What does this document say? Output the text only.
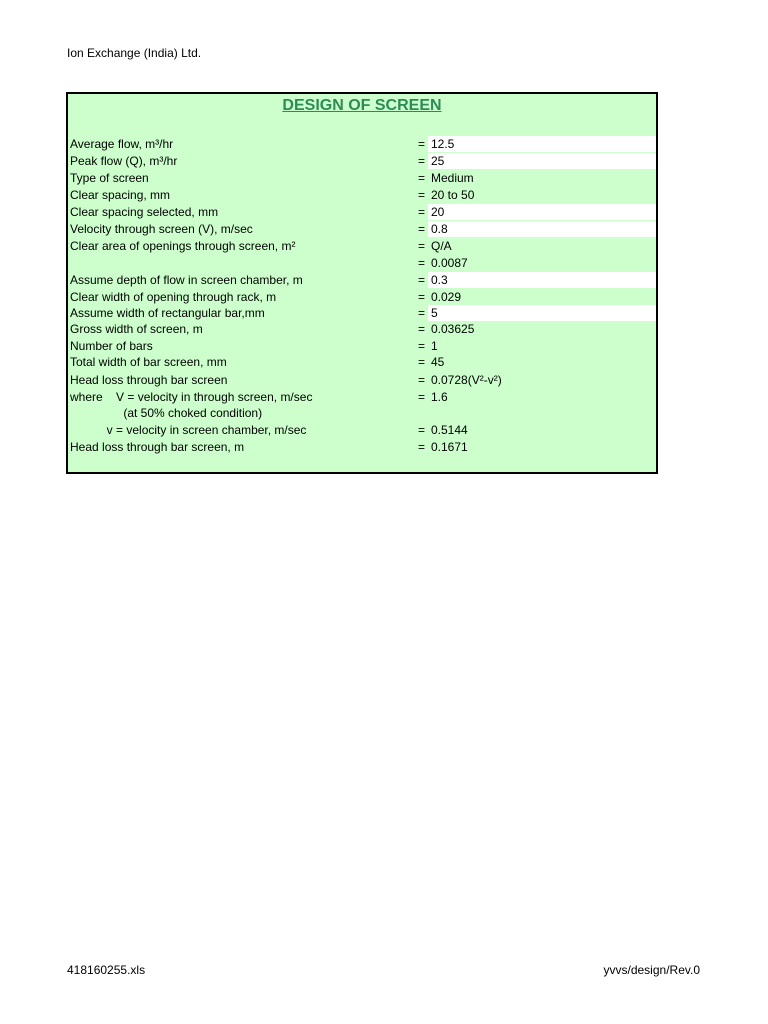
Ion Exchange (India) Ltd.
DESIGN OF SCREEN
Average flow, m³/hr	= 12.5
Peak flow (Q), m³/hr	= 25
Type of screen	= Medium
Clear spacing, mm	= 20 to 50
Clear spacing selected, mm	= 20
Velocity through screen (V), m/sec	= 0.8
Clear area of openings through screen, m²	= Q/A
= 0.0087
Assume depth of flow in screen chamber, m	= 0.3
Clear width of opening through rack, m	= 0.029
Assume width of rectangular bar,mm	= 5
Gross width of screen, m	= 0.03625
Number of bars	= 1
Total width of bar screen, mm	= 45
Head loss through bar screen	= 0.0728(V²-v²)
where    V = velocity in through screen, m/sec	= 1.6
(at 50% choked condition)
v = velocity in screen chamber, m/sec	= 0.5144
Head loss through bar screen, m	= 0.1671
418160255.xls	yvvs/design/Rev.0
